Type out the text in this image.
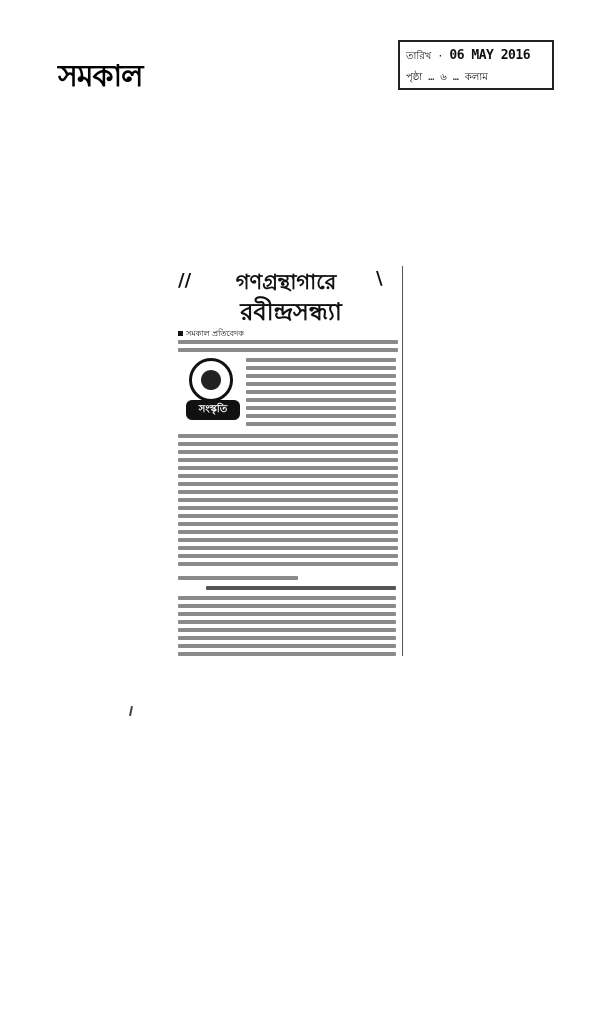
সমকাল
তারিখ · 06 MAY 2016
পৃষ্ঠা … ৬ … কলাম
//	গণগ্রন্থাগারে	\
রবীন্দ্রসন্ধ্যা
সমকাল প্রতিবেদক
সংস্কৃতি
